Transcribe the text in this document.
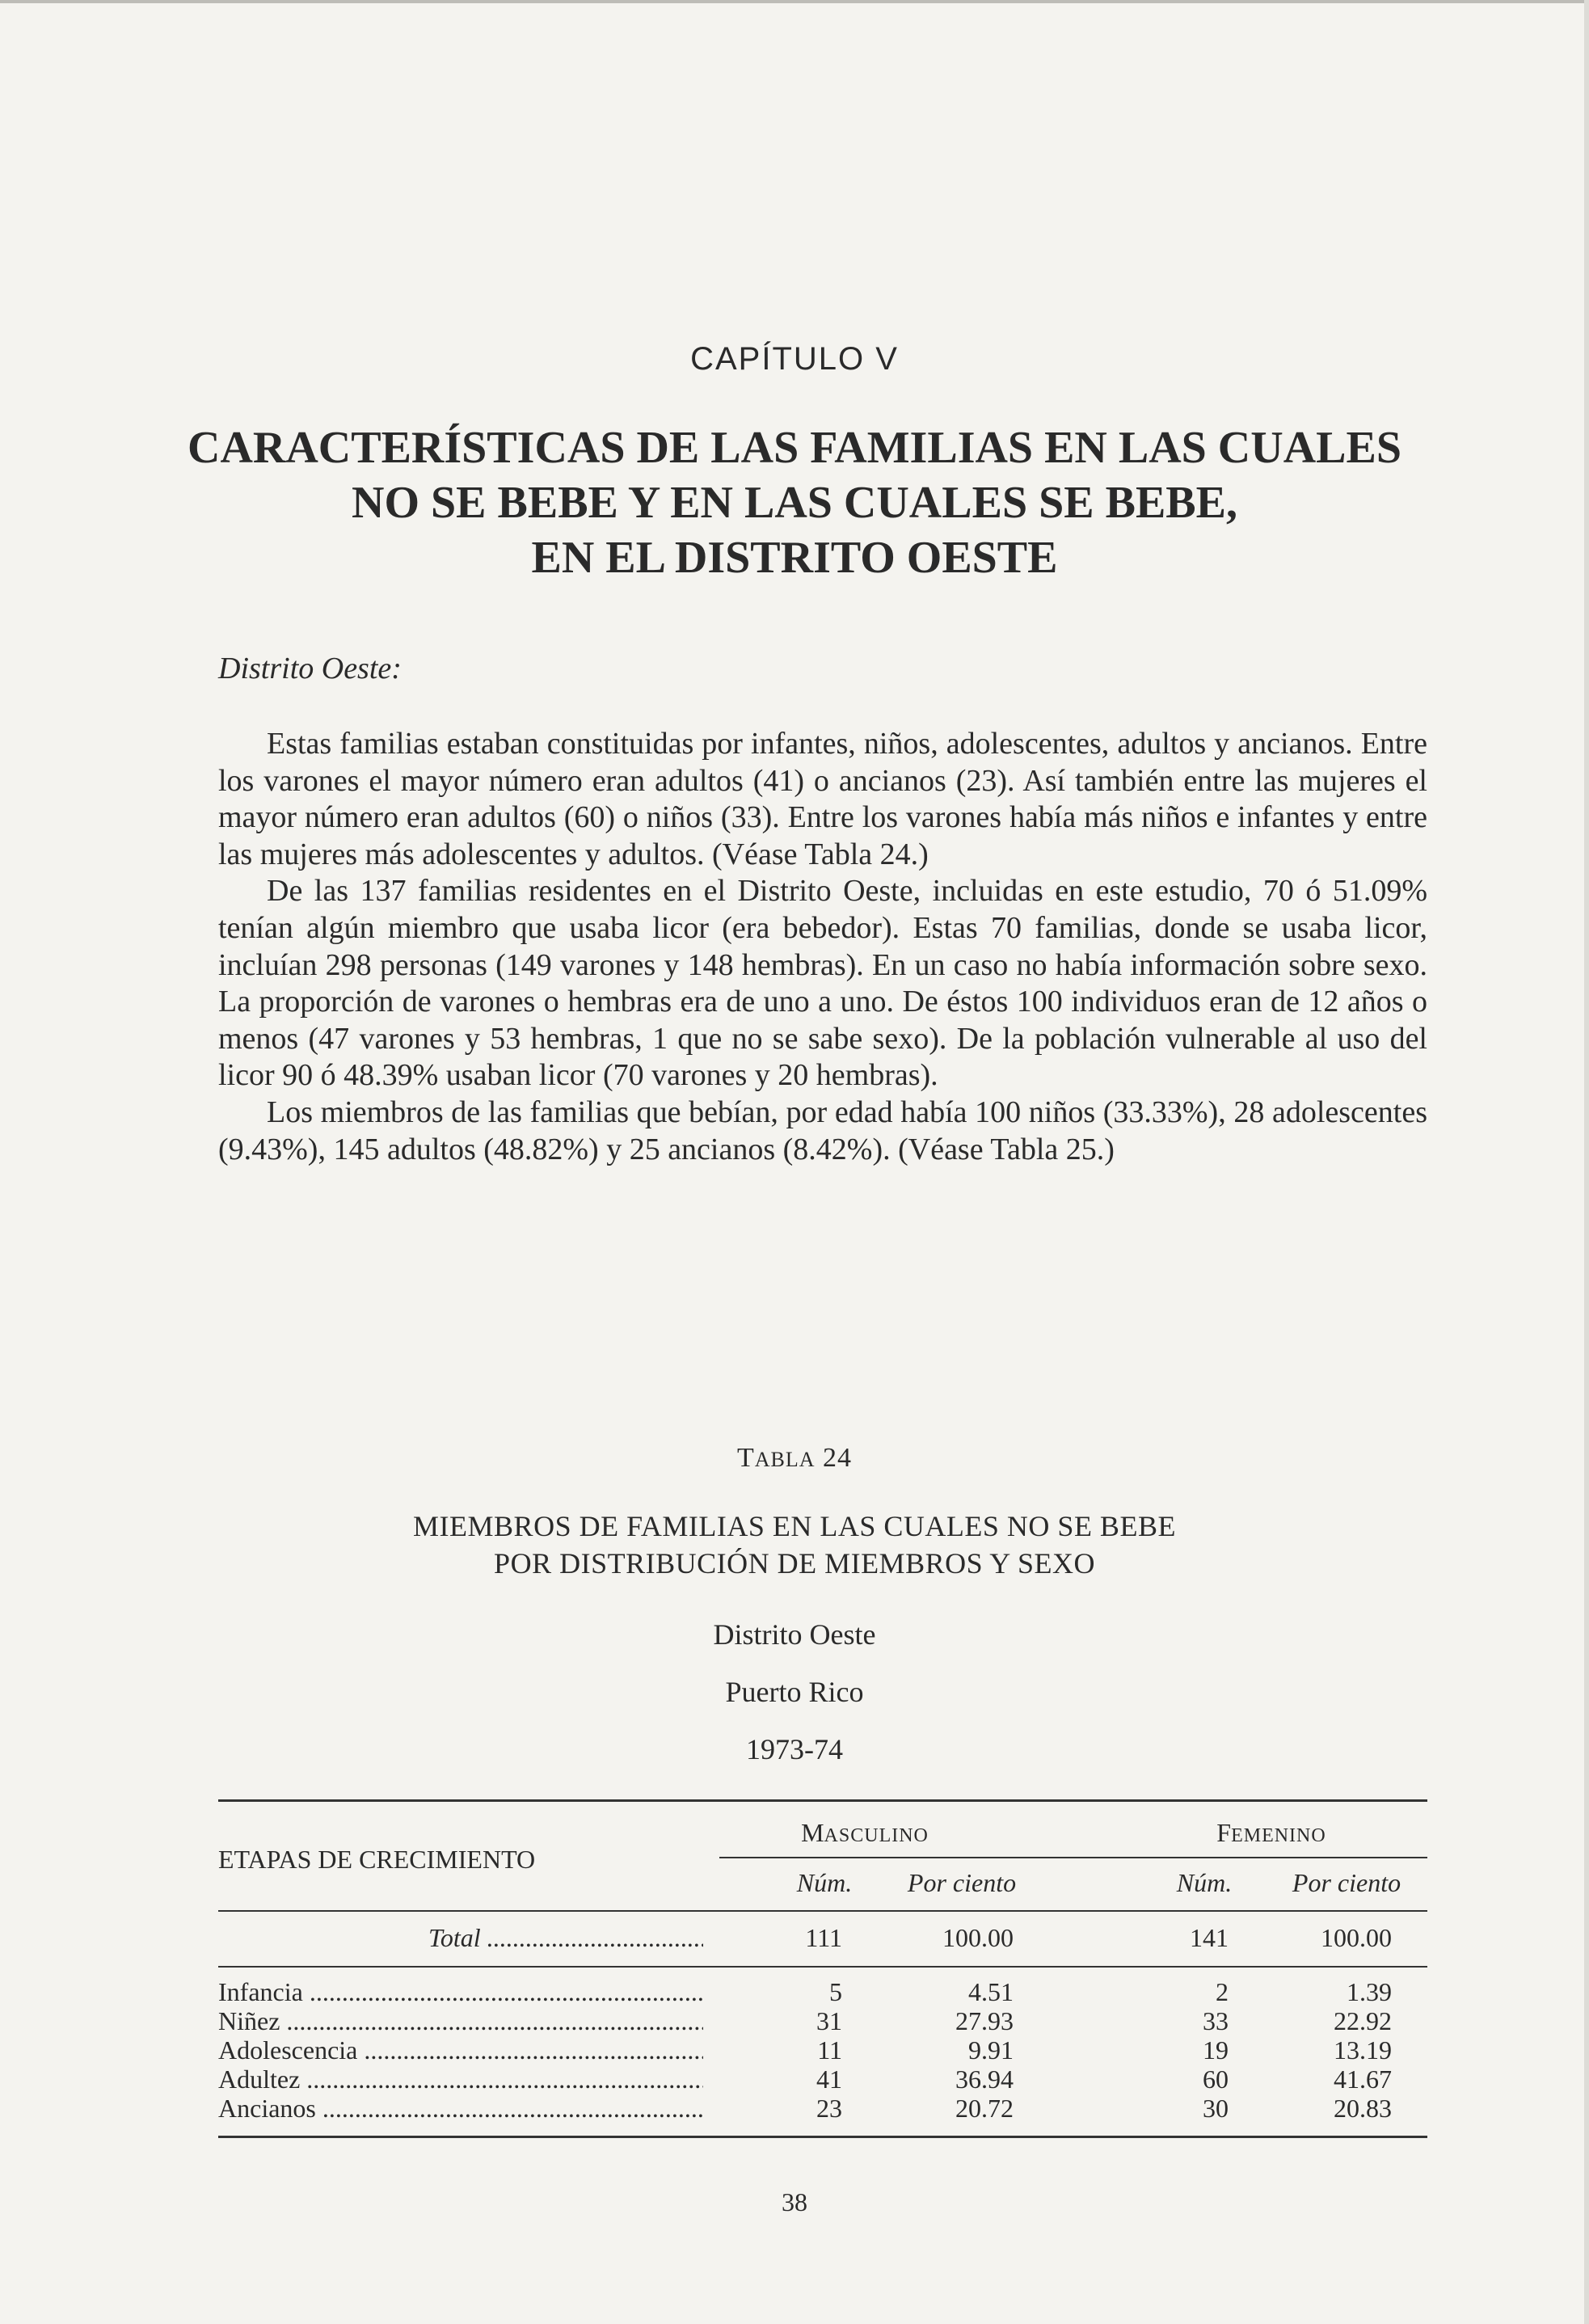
CAPÍTULO V
CARACTERÍSTICAS DE LAS FAMILIAS EN LAS CUALES
NO SE BEBE Y EN LAS CUALES SE BEBE,
EN EL DISTRITO OESTE
Distrito Oeste:

Estas familias estaban constituidas por infantes, niños, adolescentes, adultos y ancianos. Entre los varones el mayor número eran adultos (41) o ancianos (23). Así también entre las mujeres el mayor número eran adultos (60) o niños (33). Entre los varones había más niños e infantes y entre las mujeres más adolescentes y adultos. (Véase Tabla 24.)

De las 137 familias residentes en el Distrito Oeste, incluidas en este estudio, 70 ó 51.09% tenían algún miembro que usaba licor (era bebedor). Estas 70 familias, donde se usaba licor, incluían 298 personas (149 varones y 148 hembras). En un caso no había información sobre sexo. La proporción de varones o hembras era de uno a uno. De éstos 100 individuos eran de 12 años o menos (47 varones y 53 hembras, 1 que no se sabe sexo). De la población vulnerable al uso del licor 90 ó 48.39% usaban licor (70 varones y 20 hembras).

Los miembros de las familias que bebían, por edad había 100 niños (33.33%), 28 adolescentes (9.43%), 145 adultos (48.82%) y 25 ancianos (8.42%). (Véase Tabla 25.)

TABLA 24
MIEMBROS DE FAMILIAS EN LAS CUALES NO SE BEBE
POR DISTRIBUCIÓN DE MIEMBROS Y SEXO
Distrito Oeste
Puerto Rico
1973-74
ETAPAS DE CRECIMIENTO
MASCULINO	FEMENINO
Núm.	Por ciento	Núm.	Por ciento
Total .....	111	100.00	141	100.00
Infancia .....	5	4.51	2	1.39
Niñez .....	31	27.93	33	22.92
Adolescencia .....	11	9.91	19	13.19
Adultez .....	41	36.94	60	41.67
Ancianos .....	23	20.72	30	20.83
38
